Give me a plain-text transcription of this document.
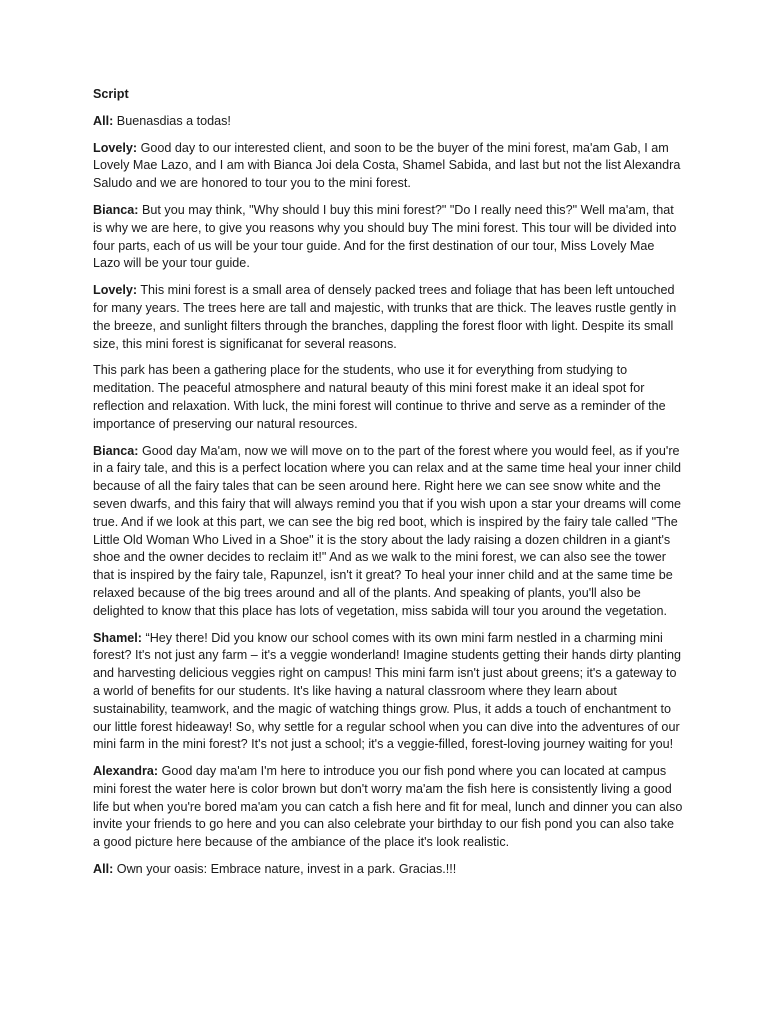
Script

All: Buenasdias a todas!

Lovely: Good day to our interested client, and soon to be the buyer of the mini forest, ma'am Gab, I am Lovely Mae Lazo, and I am with Bianca Joi dela Costa, Shamel Sabida, and last but not the list Alexandra Saludo and we are honored to tour you to the mini forest.

Bianca: But you may think, "Why should I buy this mini forest?" "Do I really need this?" Well ma'am, that is why we are here, to give you reasons why you should buy The mini forest. This tour will be divided into four parts, each of us will be your tour guide. And for the first destination of our tour, Miss Lovely Mae Lazo will be your tour guide.

Lovely: This mini forest is a small area of densely packed trees and foliage that has been left untouched for many years. The trees here are tall and majestic, with trunks that are thick. The leaves rustle gently in the breeze, and sunlight filters through the branches, dappling the forest floor with light. Despite its small size, this mini forest is significanat for several reasons.

This park has been a gathering place for the students, who use it for everything from studying to meditation. The peaceful atmosphere and natural beauty of this mini forest make it an ideal spot for reflection and relaxation. With luck, the mini forest will continue to thrive and serve as a reminder of the importance of preserving our natural resources.

Bianca: Good day Ma'am, now we will move on to the part of the forest where you would feel, as if you're in a fairy tale, and this is a perfect location where you can relax and at the same time heal your inner child because of all the fairy tales that can be seen around here. Right here we can see snow white and the seven dwarfs, and this fairy that will always remind you that if you wish upon a star your dreams will come true. And if we look at this part, we can see the big red boot, which is inspired by the fairy tale called "The Little Old Woman Who Lived in a Shoe" it is the story about the lady raising a dozen children in a giant's shoe and the owner decides to reclaim it!" And as we walk to the mini forest, we can also see the tower that is inspired by the fairy tale, Rapunzel, isn't it great? To heal your inner child and at the same time be relaxed because of the big trees around and all of the plants. And speaking of plants, you'll also be delighted to know that this place has lots of vegetation, miss sabida will tour you around the vegetation.

Shamel: “Hey there! Did you know our school comes with its own mini farm nestled in a charming mini forest? It's not just any farm – it's a veggie wonderland! Imagine students getting their hands dirty planting and harvesting delicious veggies right on campus! This mini farm isn't just about greens; it's a gateway to a world of benefits for our students. It's like having a natural classroom where they learn about sustainability, teamwork, and the magic of watching things grow. Plus, it adds a touch of enchantment to our little forest hideaway! So, why settle for a regular school when you can dive into the adventures of our mini farm in the mini forest? It's not just a school; it's a veggie-filled, forest-loving journey waiting for you!

Alexandra: Good day ma'am I'm here to introduce you our fish pond where you can located at campus mini forest the water here is color brown but don't worry ma'am the fish here is consistently living a good life but when you're bored ma'am you can catch a fish here and fit for meal, lunch and dinner you can also invite your friends to go here and you can also celebrate your birthday to our fish pond you can also take a good picture here because of the ambiance of the place it's look realistic.

All: Own your oasis: Embrace nature, invest in a park. Gracias.!!!
